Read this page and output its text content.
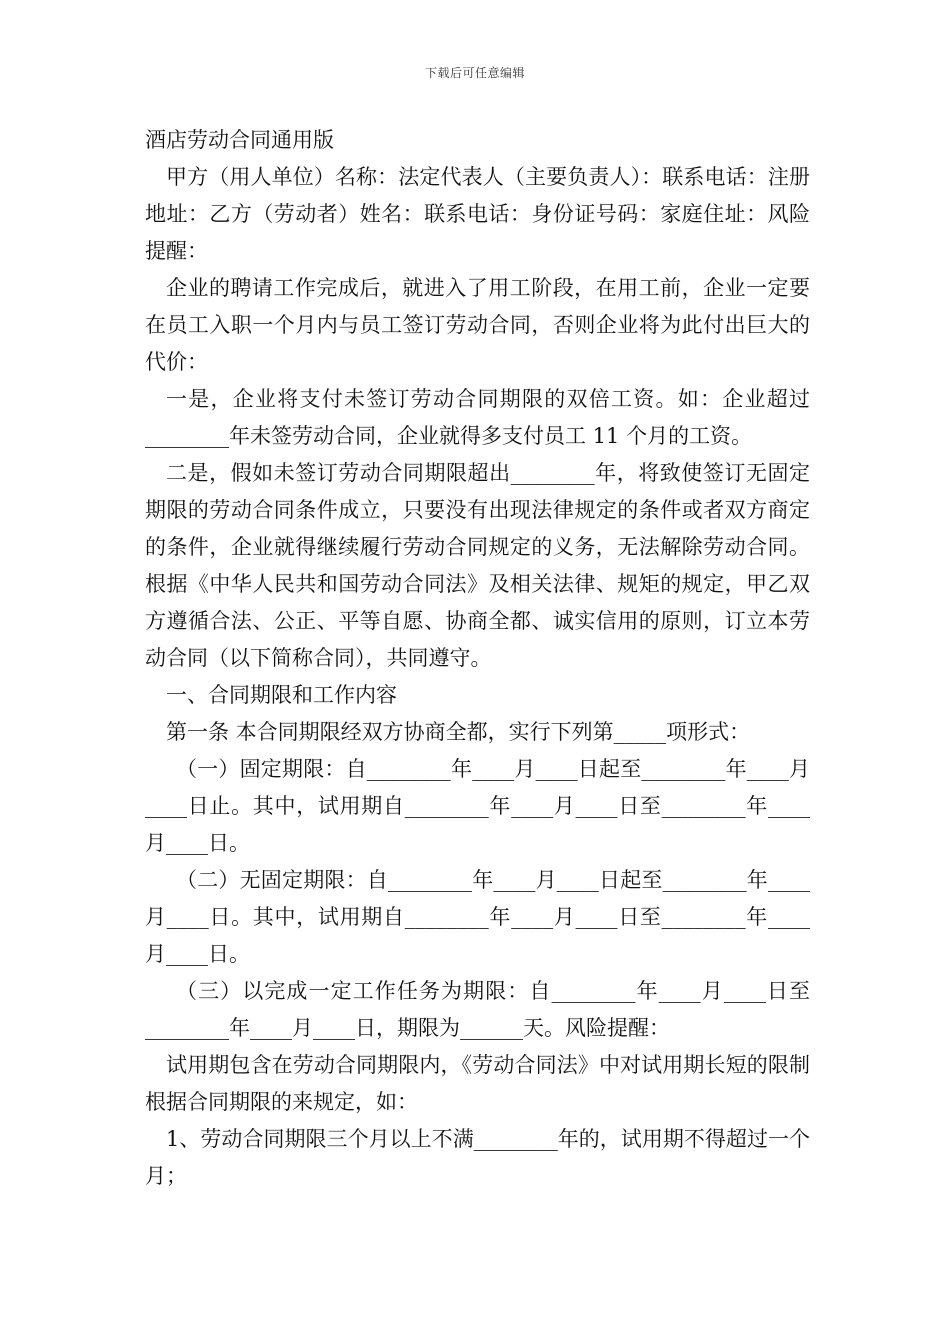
下载后可任意编辑

酒店劳动合同通用版

甲方（用人单位）名称：法定代表人（主要负责人）：联系电话：注册地址：乙方（劳动者）姓名：联系电话：身份证号码：家庭住址：风险提醒：

企业的聘请工作完成后，就进入了用工阶段，在用工前，企业一定要在员工入职一个月内与员工签订劳动合同，否则企业将为此付出巨大的代价：

一是，企业将支付未签订劳动合同期限的双倍工资。如：企业超过________年未签劳动合同，企业就得多支付员工 11 个月的工资。

二是，假如未签订劳动合同期限超出________年，将致使签订无固定期限的劳动合同条件成立，只要没有出现法律规定的条件或者双方商定的条件，企业就得继续履行劳动合同规定的义务，无法解除劳动合同。 根据《中华人民共和国劳动合同法》及相关法律、规矩的规定，甲乙双方遵循合法、公正、平等自愿、协商全都、诚实信用的原则，订立本劳动合同（以下简称合同），共同遵守。

一、合同期限和工作内容

第一条 本合同期限经双方协商全都，实行下列第_____项形式：

（一）固定期限：自________年____月____日起至________年____月____日止。其中，试用期自________年____月____日至________年____月____日。

（二）无固定期限：自________年____月____日起至________年____月____日。其中，试用期自________年____月____日至________年____月____日。

（三）以完成一定工作任务为期限：自________年____月____日至________年____月____日，期限为______天。风险提醒：

试用期包含在劳动合同期限内，《劳动合同法》中对试用期长短的限制根据合同期限的来规定，如：

1、劳动合同期限三个月以上不满________年的，试用期不得超过一个月；
